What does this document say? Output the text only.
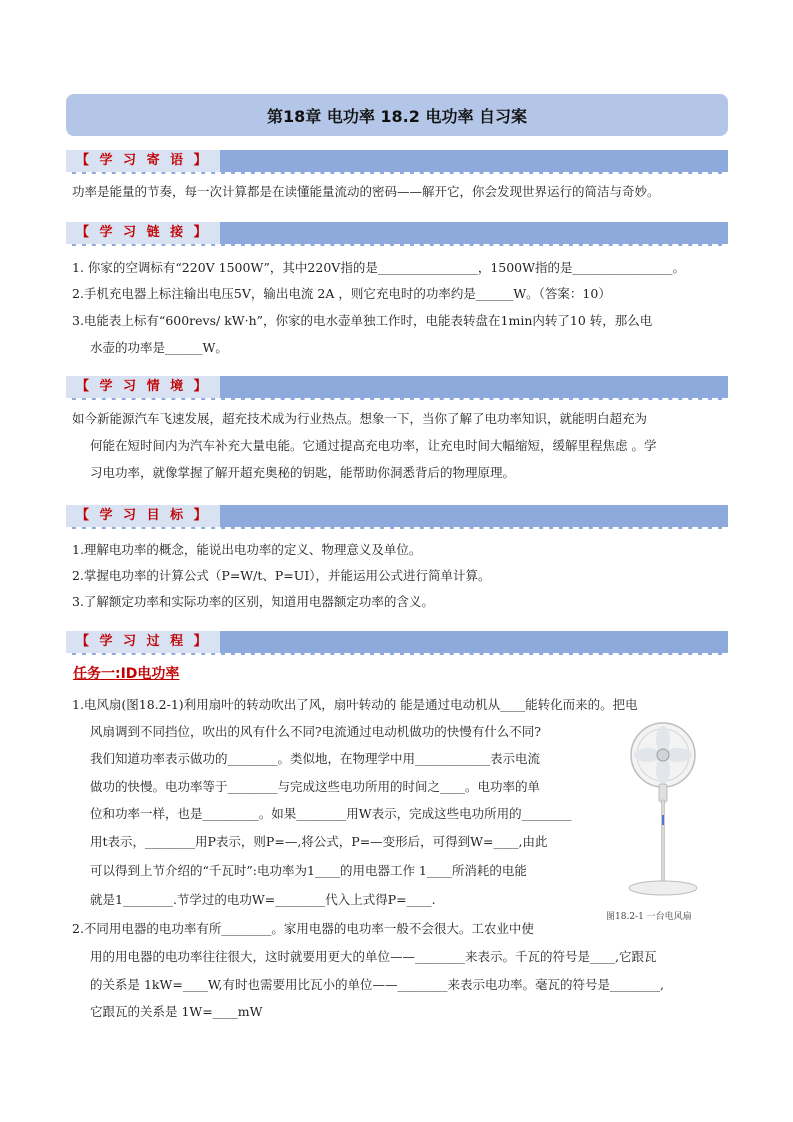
第18章 电功率 18.2 电功率 自习案
【 学 习 寄 语 】
功率是能量的节奏，每一次计算都是在读懂能量流动的密码——解开它，你会发现世界运行的简洁与奇妙。
【 学 习 链 接 】
1. 你家的空调标有“220V 1500W”，其中220V指的是________________，1500W指的是________________。
2.手机充电器上标注输出电压5V，输出电流 2A ，则它充电时的功率约是______W。（答案：10）
3.电能表上标有“600revs/ kW·h”，你家的电水壶单独工作时，电能表转盘在1min内转了10 转，那么电
水壶的功率是______W。
【 学 习 情 境 】
如今新能源汽车飞速发展，超充技术成为行业热点。想象一下，当你了解了电功率知识，就能明白超充为
何能在短时间内为汽车补充大量电能。它通过提高充电功率，让充电时间大幅缩短，缓解里程焦虑 。学
习电功率，就像掌握了解开超充奥秘的钥匙，能帮助你洞悉背后的物理原理。
【 学 习 目 标 】
1.理解电功率的概念，能说出电功率的定义、物理意义及单位。
2.掌握电功率的计算公式（P=W/t、P=UI），并能运用公式进行简单计算。
3.了解额定功率和实际功率的区别，知道用电器额定功率的含义。
【 学 习 过 程 】
任务一:ID电功率
1.电风扇(图18.2-1)利用扇叶的转动吹出了风，扇叶转动的 能是通过电动机从____能转化而来的。把电
风扇调到不同挡位，吹出的风有什么不同?电流通过电动机做功的快慢有什么不同?
我们知道功率表示做功的________。类似地，在物理学中用____________表示电流
做功的快慢。电功率等于________与完成这些电功所用的时间之____。电功率的单
位和功率一样，也是_________。如果________用W表示，完成这些电功所用的________
用t表示，________用P表示，则P=—,将公式，P=—变形后，可得到W=____,由此
可以得到上节介绍的“千瓦时”:电功率为1____的用电器工作 1____所消耗的电能
就是1________.节学过的电功W=________代入上式得P=____.
2.不同用电器的电功率有所________。家用电器的电功率一般不会很大。工农业中使
用的用电器的电功率往往很大，这时就要用更大的单位——________来表示。千瓦的符号是____,它跟瓦
的关系是 1kW=____W,有时也需要用比瓦小的单位——________来表示电功率。毫瓦的符号是________,
它跟瓦的关系是 1W=____mW
图18.2-1 一台电风扇
